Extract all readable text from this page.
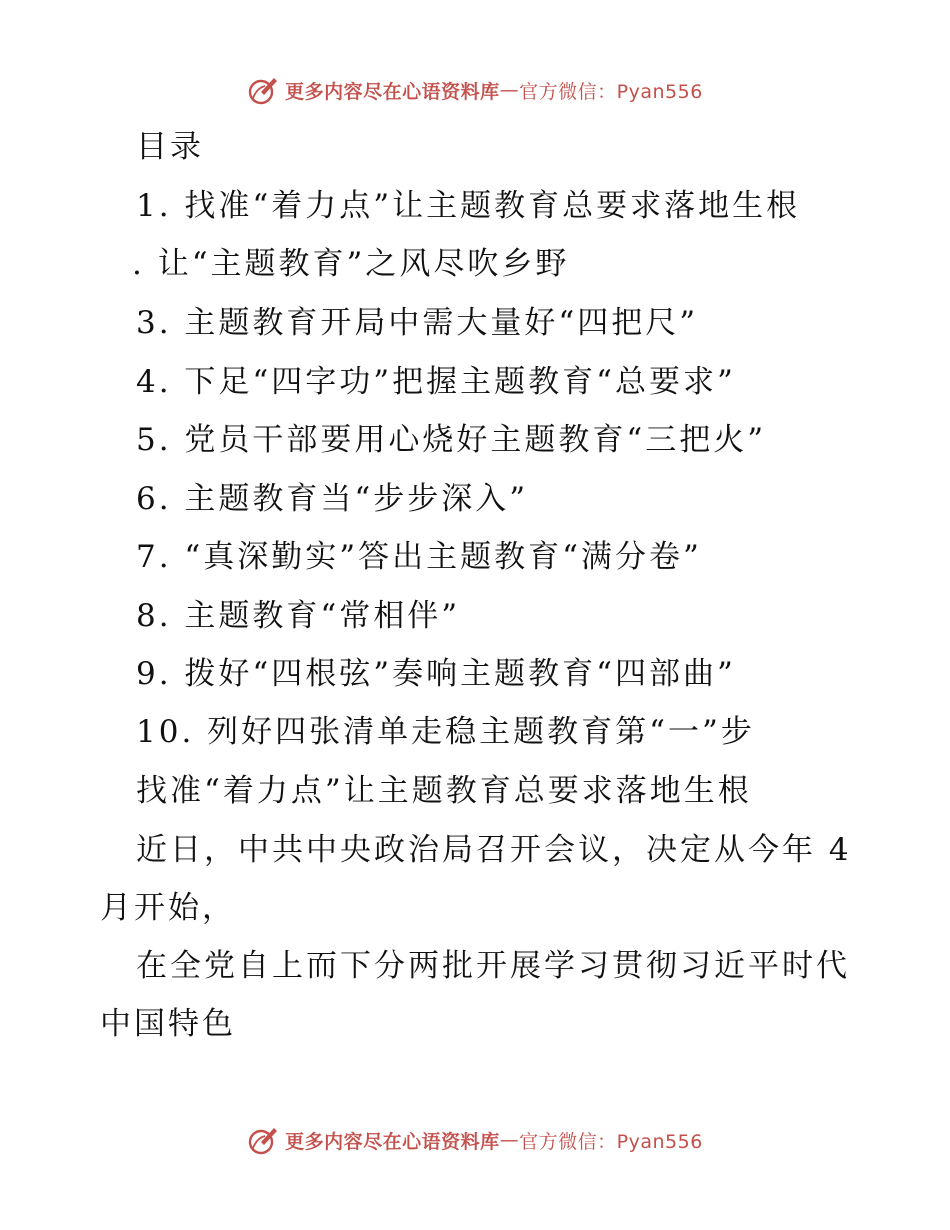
更多内容尽在心语资料库 — 官方微信：Pyan556
目录
1. 找准“着力点”让主题教育总要求落地生根
. 让“主题教育”之风尽吹乡野
3. 主题教育开局中需大量好“四把尺”
4. 下足“四字功”把握主题教育“总要求”
5. 党员干部要用心烧好主题教育“三把火”
6. 主题教育当“步步深入”
7. “真深勤实”答出主题教育“满分卷”
8. 主题教育“常相伴”
9. 拨好“四根弦”奏响主题教育“四部曲”
10. 列好四张清单走稳主题教育第“一”步
找准“着力点”让主题教育总要求落地生根
近日，中共中央政治局召开会议，决定从今年 4
月开始，
在全党自上而下分两批开展学习贯彻习近平时代
中国特色
更多内容尽在心语资料库 — 官方微信：Pyan556
